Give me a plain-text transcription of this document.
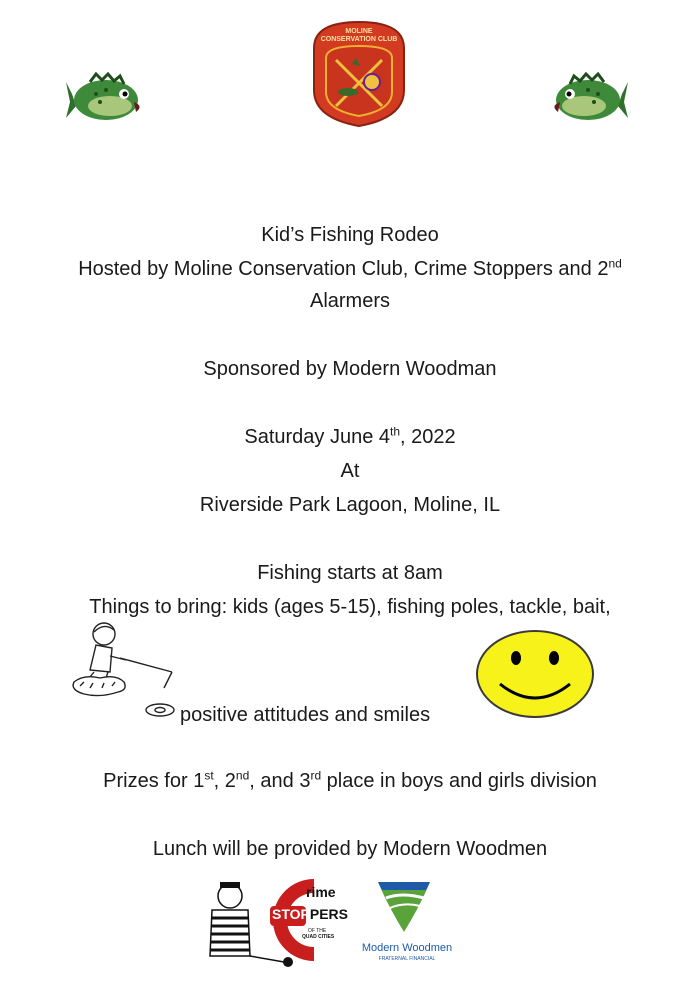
MOLINE CONSERVATION CLUB
Kid’s Fishing Rodeo
Hosted by Moline Conservation Club, Crime Stoppers and 2nd
Alarmers
Sponsored by Modern Woodman
Saturday June 4th, 2022
At
Riverside Park Lagoon, Moline, IL
Fishing starts at 8am
Things to bring: kids (ages 5-15), fishing poles, tackle, bait,
positive attitudes and smiles
Prizes for 1st, 2nd, and 3rd place in boys and girls division
Lunch will be provided by Modern Woodmen
rime
STOPPERS
OF THE
QUAD CITIES
Modern Woodmen
FRATERNAL FINANCIAL
